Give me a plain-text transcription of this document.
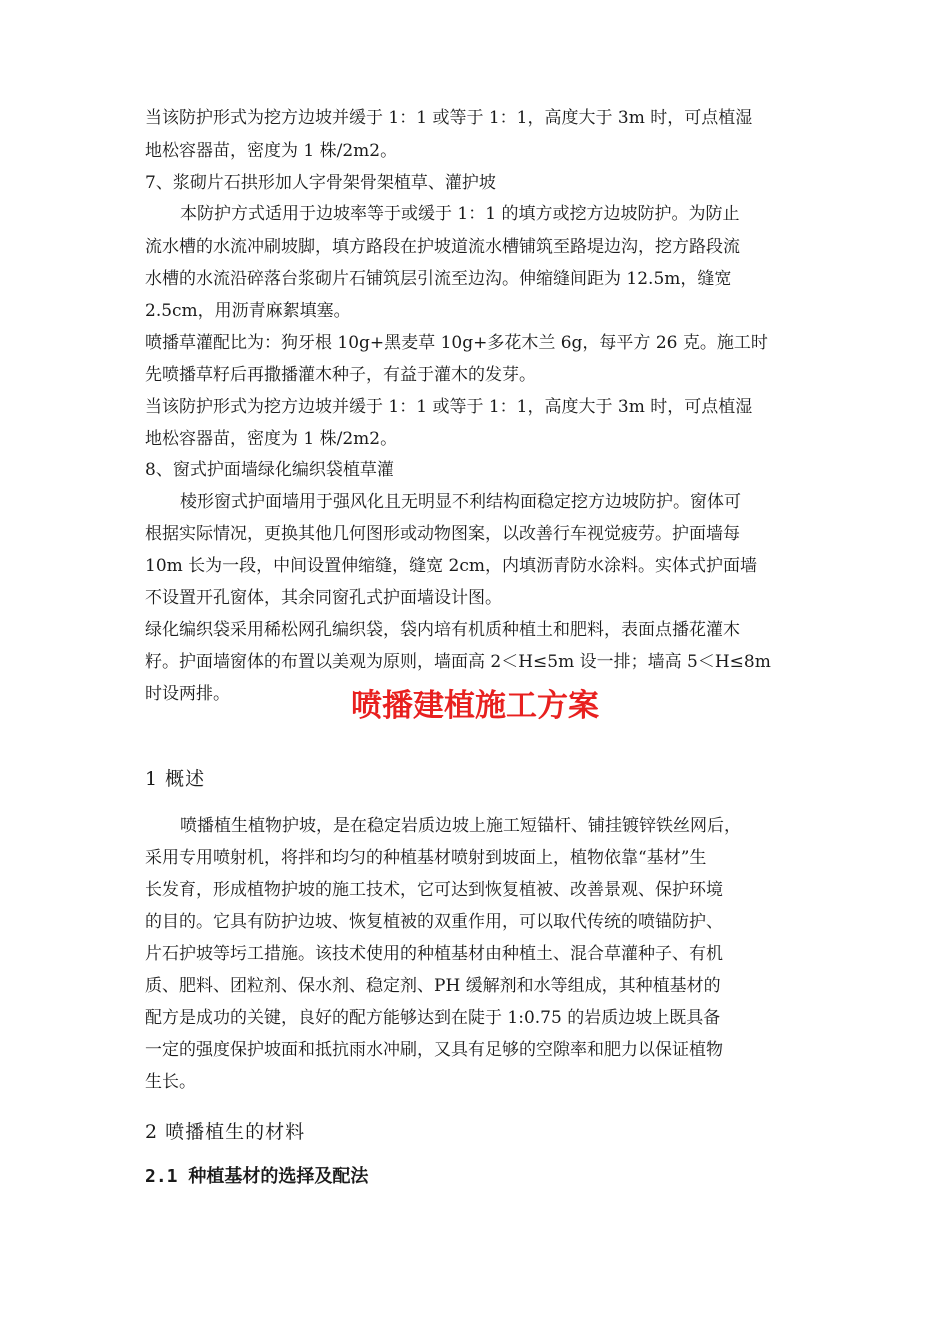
当该防护形式为挖方边坡并缓于 1：1 或等于 1：1，高度大于 3m 时，可点植湿

地松容器苗，密度为 1 株/2m2。

7、浆砌片石拱形加人字骨架骨架植草、灌护坡

本防护方式适用于边坡率等于或缓于 1：1 的填方或挖方边坡防护。为防止

流水槽的水流冲刷坡脚，填方路段在护坡道流水槽铺筑至路堤边沟，挖方路段流

水槽的水流沿碎落台浆砌片石铺筑层引流至边沟。伸缩缝间距为 12.5m，缝宽

2.5cm，用沥青麻絮填塞。

喷播草灌配比为：狗牙根 10g+黑麦草 10g+多花木兰 6g，每平方 26 克。施工时

先喷播草籽后再撒播灌木种子，有益于灌木的发芽。

当该防护形式为挖方边坡并缓于 1：1 或等于 1：1，高度大于 3m 时，可点植湿

地松容器苗，密度为 1 株/2m2。

8、窗式护面墙绿化编织袋植草灌

棱形窗式护面墙用于强风化且无明显不利结构面稳定挖方边坡防护。窗体可

根据实际情况，更换其他几何图形或动物图案，以改善行车视觉疲劳。护面墙每

10m 长为一段，中间设置伸缩缝，缝宽 2cm，内填沥青防水涂料。实体式护面墙

不设置开孔窗体，其余同窗孔式护面墙设计图。

绿化编织袋采用稀松网孔编织袋，袋内培有机质种植土和肥料，表面点播花灌木

籽。护面墙窗体的布置以美观为原则，墙面高 2＜H≤5m 设一排；墙高 5＜H≤8m

时设两排。	喷播建植施工方案

1 概述

喷播植生植物护坡，是在稳定岩质边坡上施工短锚杆、铺挂镀锌铁丝网后，

采用专用喷射机，将拌和均匀的种植基材喷射到坡面上，植物依靠“基材”生

长发育，形成植物护坡的施工技术，它可达到恢复植被、改善景观、保护环境

的目的。它具有防护边坡、恢复植被的双重作用，可以取代传统的喷锚防护、

片石护坡等圬工措施。该技术使用的种植基材由种植土、混合草灌种子、有机

质、肥料、团粒剂、保水剂、稳定剂、PH 缓解剂和水等组成，其种植基材的

配方是成功的关键，良好的配方能够达到在陡于 1:0.75 的岩质边坡上既具备

一定的强度保护坡面和抵抗雨水冲刷，又具有足够的空隙率和肥力以保证植物

生长。

2 喷播植生的材料

2.1 种植基材的选择及配法
